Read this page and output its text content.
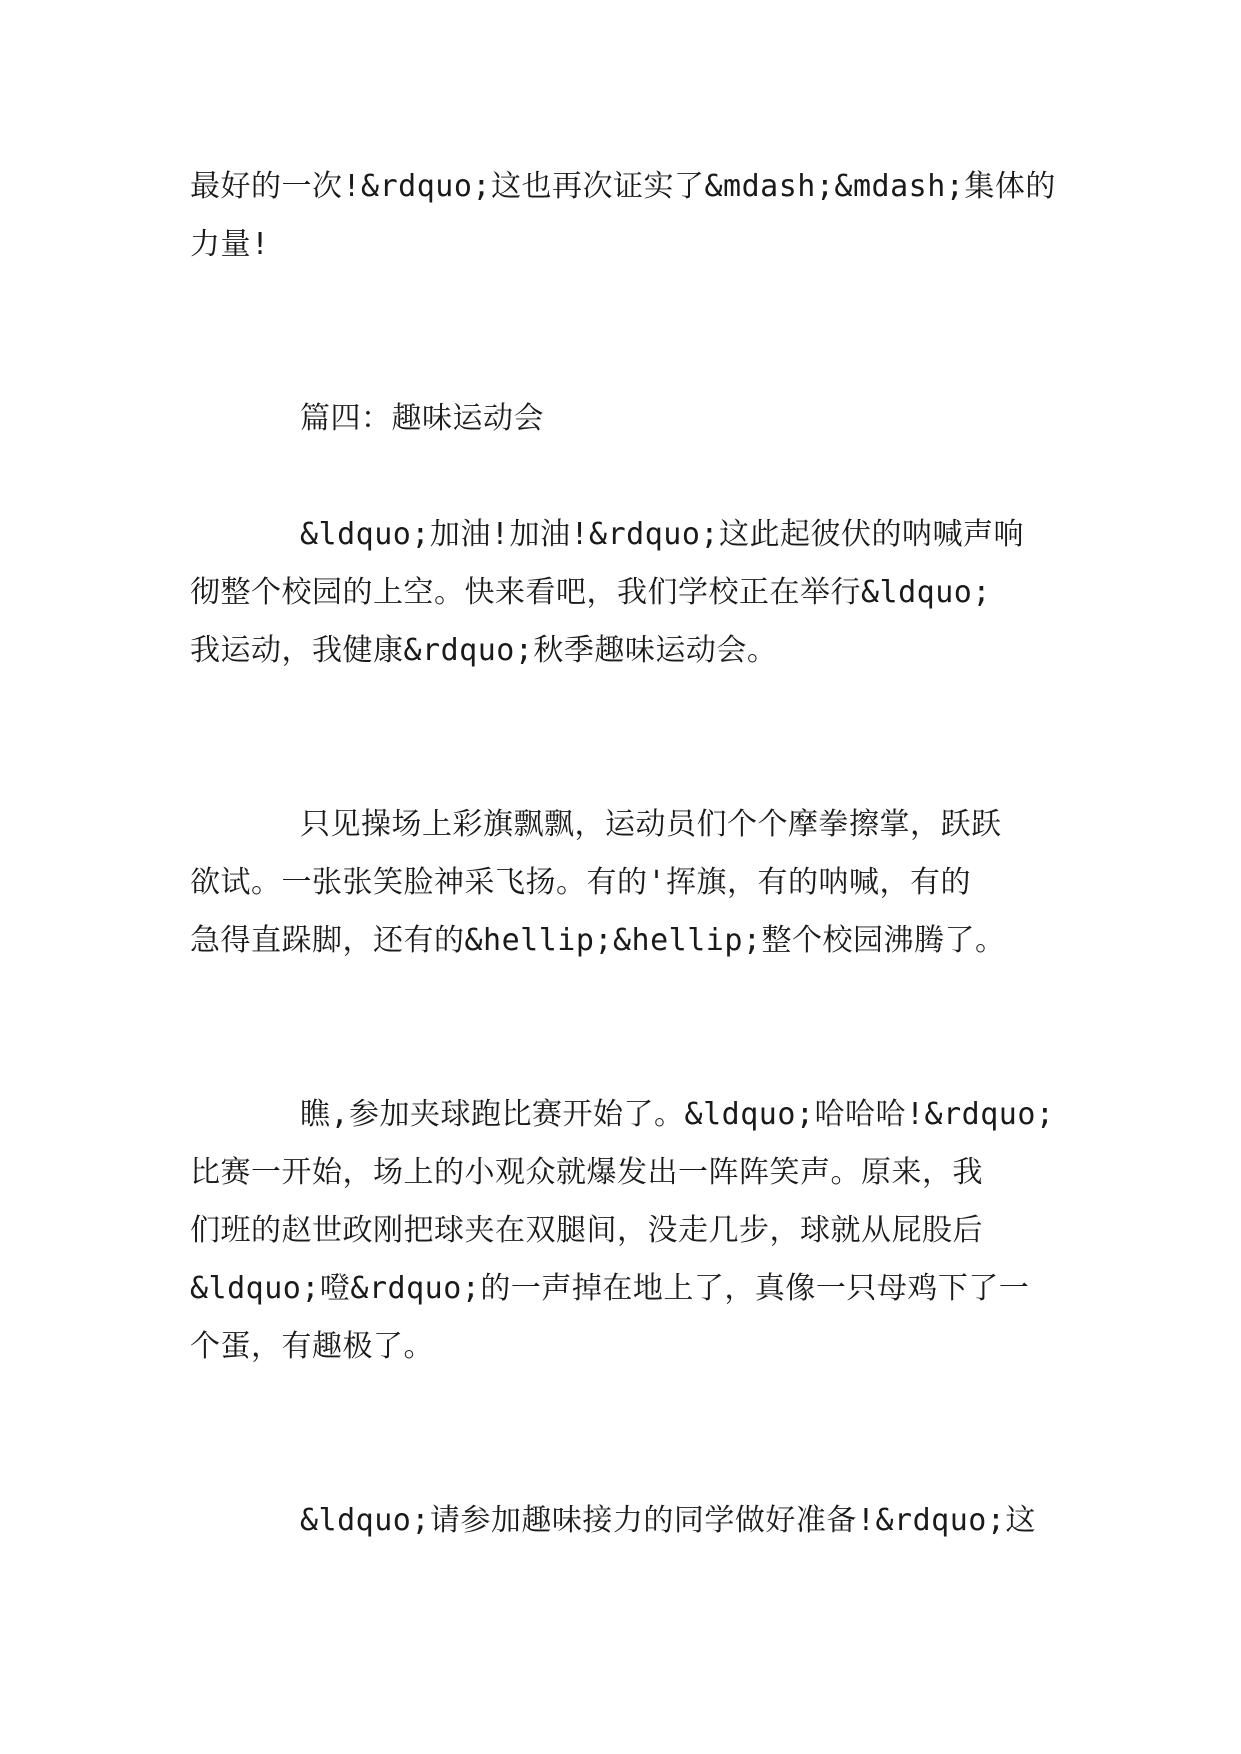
最好的一次!&rdquo;这也再次证实了&mdash;&mdash;集体的
力量!
篇四：趣味运动会
&ldquo;加油!加油!&rdquo;这此起彼伏的呐喊声响
彻整个校园的上空。快来看吧，我们学校正在举行&ldquo;
我运动，我健康&rdquo;秋季趣味运动会。
只见操场上彩旗飘飘，运动员们个个摩拳擦掌，跃跃
欲试。一张张笑脸神采飞扬。有的'挥旗，有的呐喊，有的
急得直跺脚，还有的&hellip;&hellip;整个校园沸腾了。
瞧,参加夹球跑比赛开始了。&ldquo;哈哈哈!&rdquo;
比赛一开始，场上的小观众就爆发出一阵阵笑声。原来，我
们班的赵世政刚把球夹在双腿间，没走几步，球就从屁股后
&ldquo;噔&rdquo;的一声掉在地上了，真像一只母鸡下了一
个蛋，有趣极了。
&ldquo;请参加趣味接力的同学做好准备!&rdquo;这
